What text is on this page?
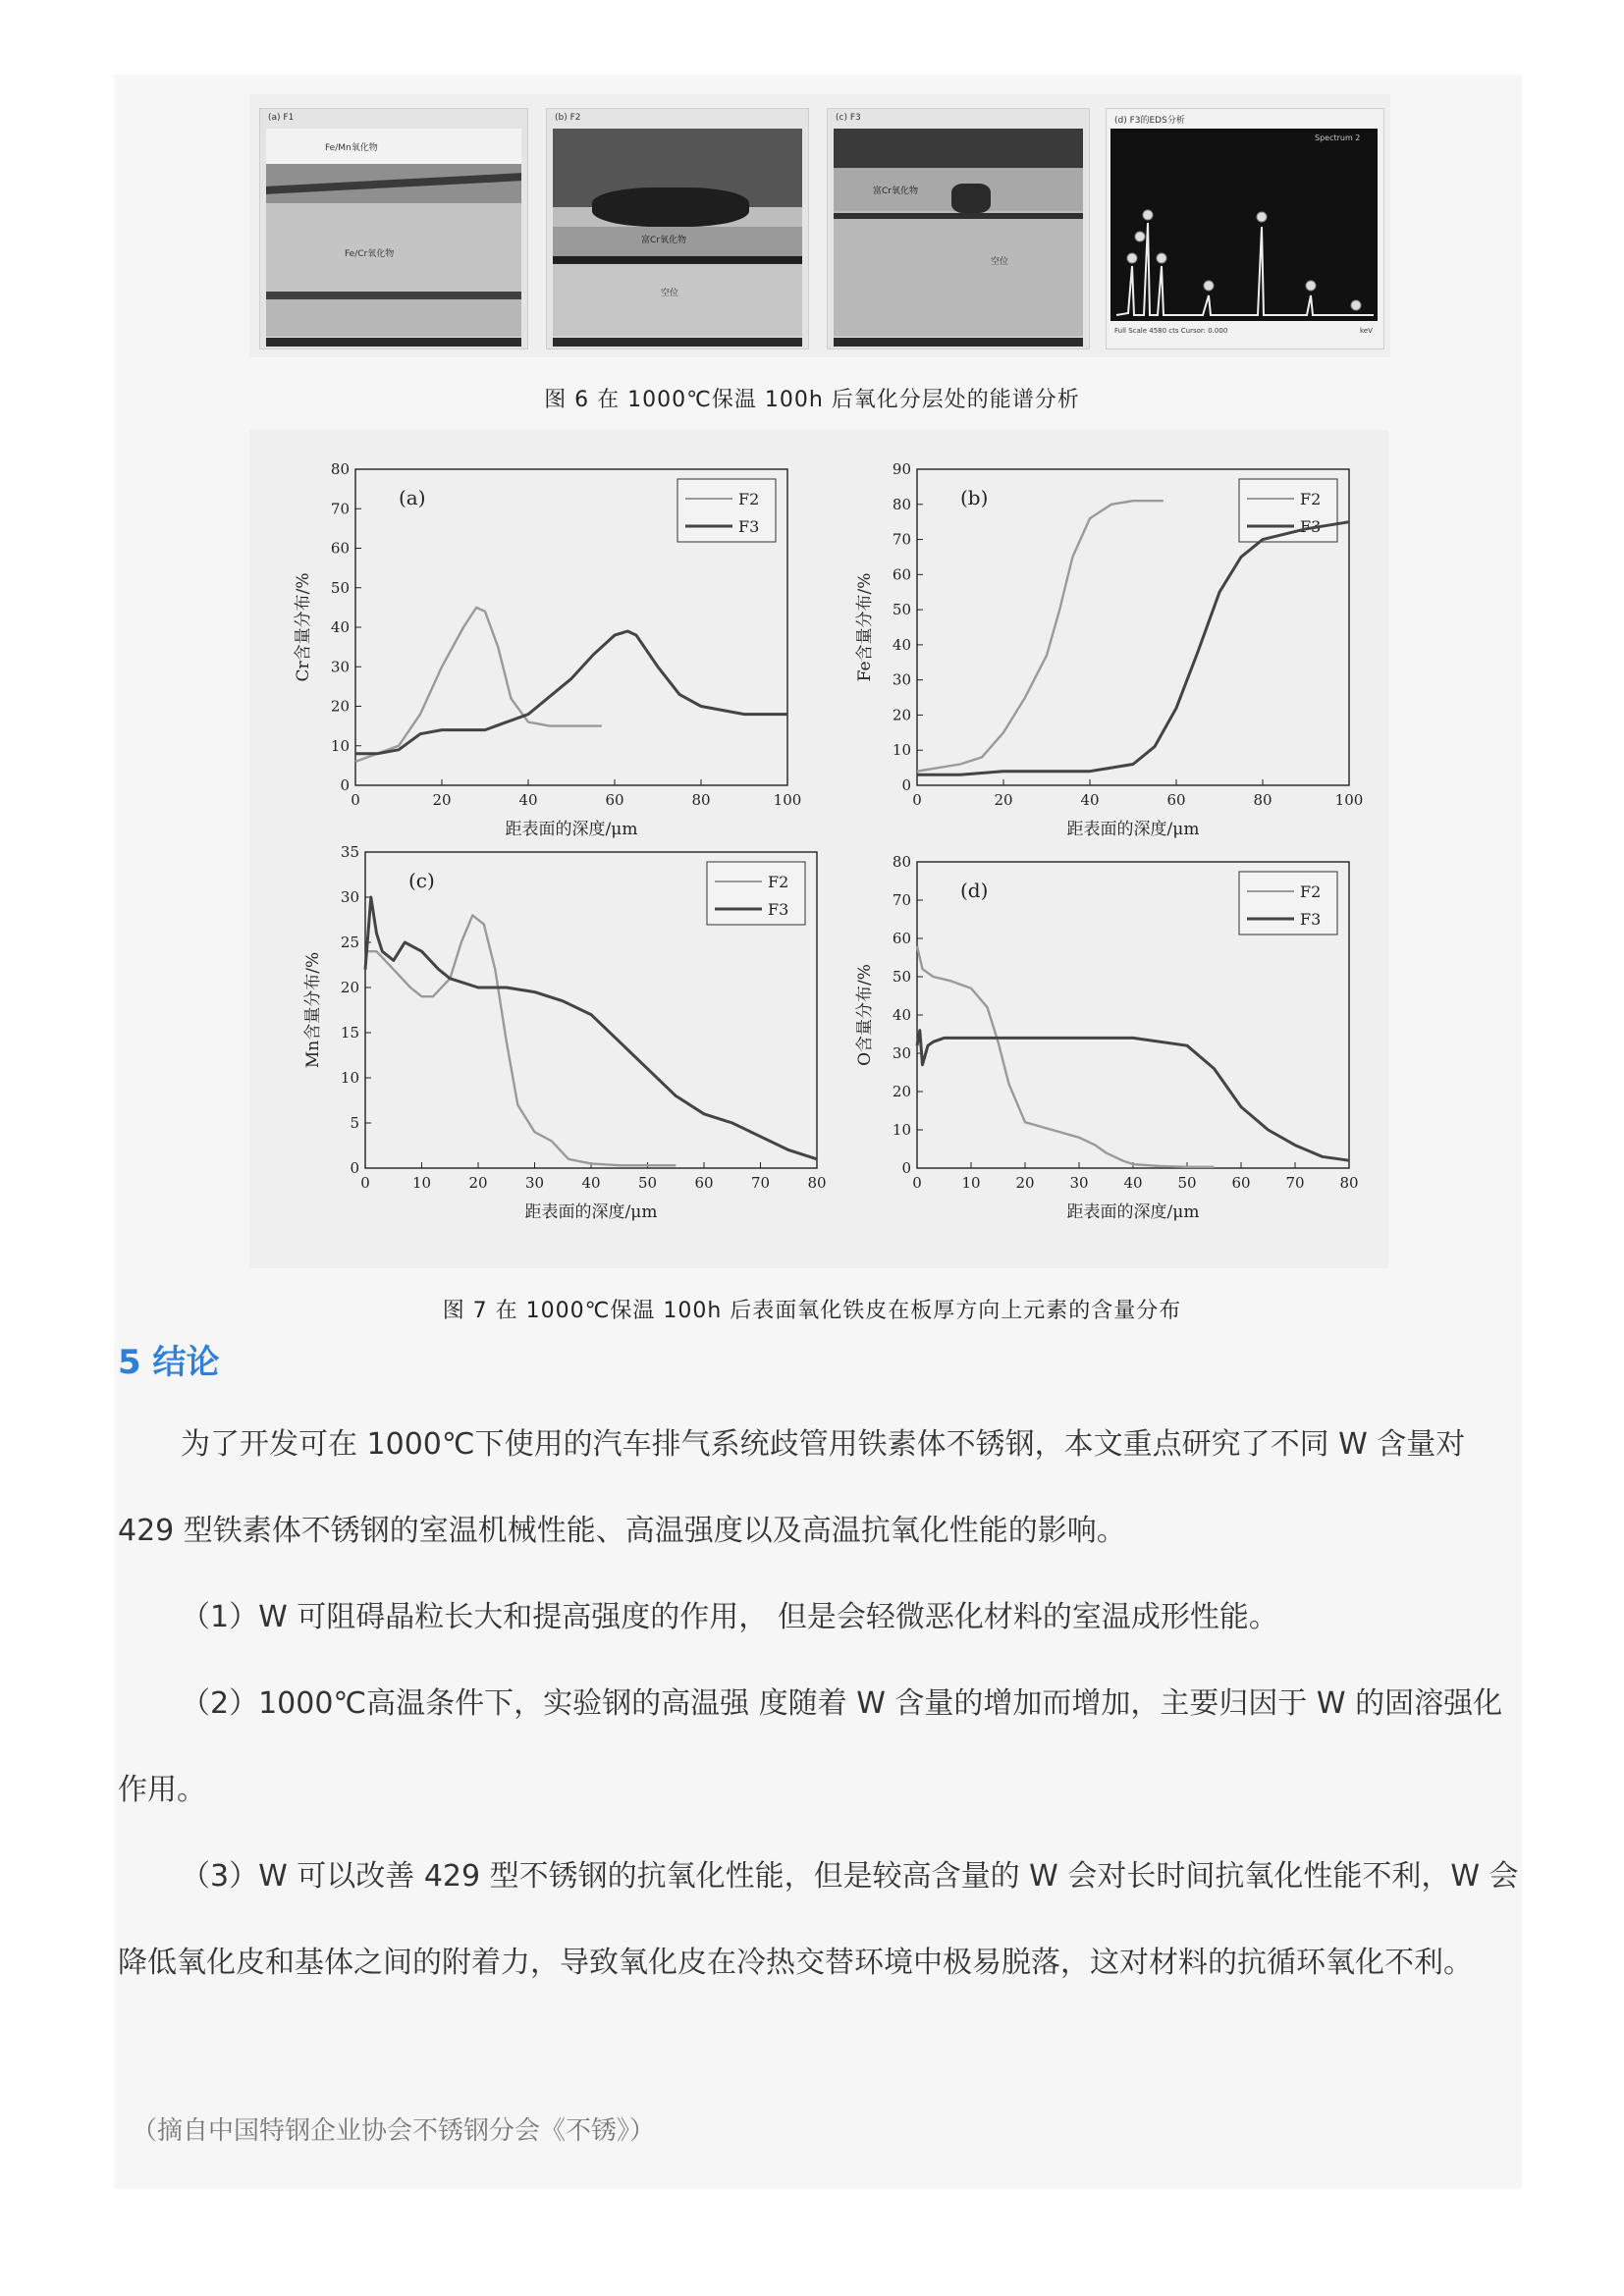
(a) F1
Fe/Mn氧化物
Fe/Cr氧化物
(b) F2
富Cr氧化物
空位
(c) F3
富Cr氧化物
空位
(d) F3的EDS分析
Spectrum 2
Full Scale 4580 cts Cursor: 0.000	keV
图 6 在 1000℃保温 100h 后氧化分层处的能谱分析
0	20	40	60	80	100
0
10
20
30
40
50
60
70
80
距表面的深度/μm
Cr含量分布/%
(a)	F2
F3
0	20	40	60	80	100
0
10
20
30
40
50
60
70
80
90
距表面的深度/μm
Fe含量分布/%
(b)	F2
F3
0	10	20	30	40	50	60	70	80
0
5
10
15
20
25
30
35
距表面的深度/μm
Mn含量分布/%
(c)	F2
F3
0	10 20 30 40 50 60 70 80
0
10
20
30
40
50
60
70
80
距表面的深度/μm
O含量分布/%
(d)	F2
F3
图 7 在 1000℃保温 100h 后表面氧化铁皮在板厚方向上元素的含量分布
5 结论

为了开发可在 1000℃下使用的汽车排气系统歧管用铁素体不锈钢，本文重点研究了不同 W 含量对 429 型铁素体不锈钢的室温机械性能、高温强度以及高温抗氧化性能的影响。

（1）W 可阻碍晶粒长大和提高强度的作用， 但是会轻微恶化材料的室温成形性能。

（2）1000℃高温条件下，实验钢的高温强 度随着 W 含量的增加而增加，主要归因于 W 的固溶强化作用。

（3）W 可以改善 429 型不锈钢的抗氧化性能，但是较高含量的 W 会对长时间抗氧化性能不利，W 会降低氧化皮和基体之间的附着力，导致氧化皮在冷热交替环境中极易脱落，这对材料的抗循环氧化不利。

（摘自中国特钢企业协会不锈钢分会《不锈》）
